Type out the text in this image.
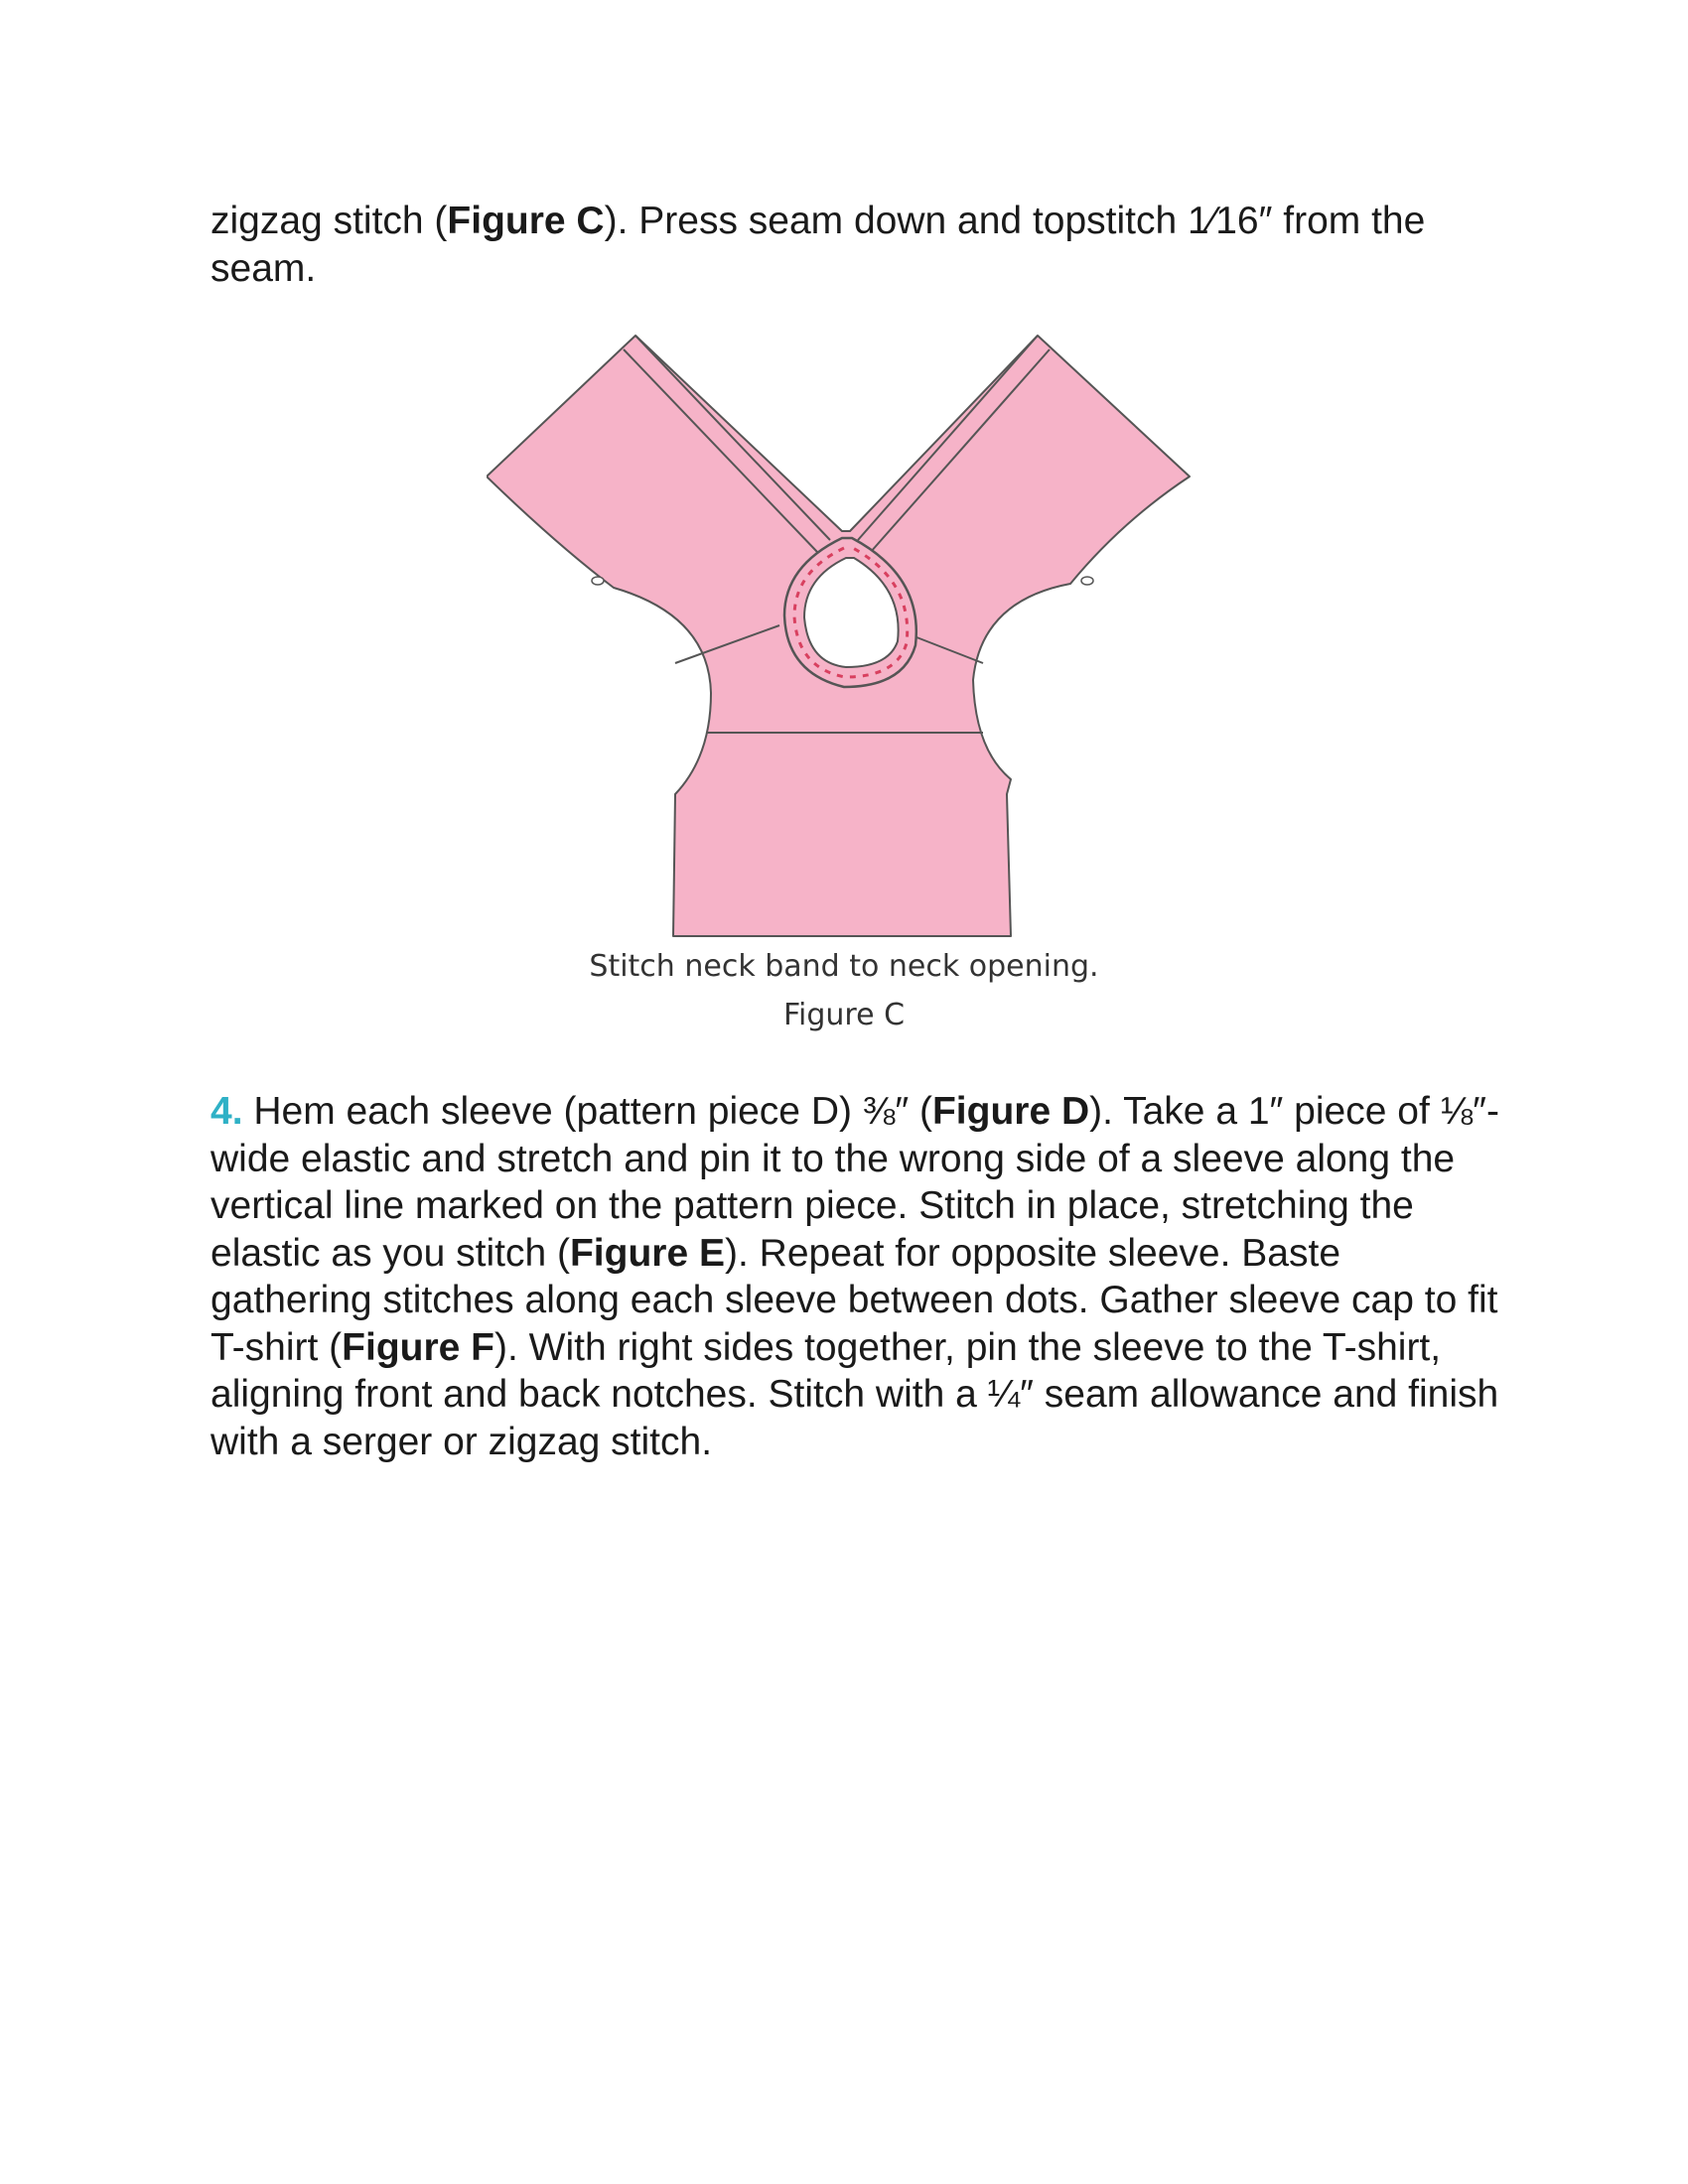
zigzag stitch (Figure C). Press seam down and topstitch 1⁄16″ from the seam.

Stitch neck band to neck opening.
Figure C

4. Hem each sleeve (pattern piece D) ⅜″ (Figure D). Take a 1″ piece of ⅛″-wide elastic and stretch and pin it to the wrong side of a sleeve along the vertical line marked on the pattern piece. Stitch in place, stretching the elastic as you stitch (Figure E). Repeat for opposite sleeve. Baste gathering stitches along each sleeve between dots. Gather sleeve cap to fit T-shirt (Figure F). With right sides together, pin the sleeve to the T-shirt, aligning front and back notches. Stitch with a ¼″ seam allowance and finish with a serger or zigzag stitch.
